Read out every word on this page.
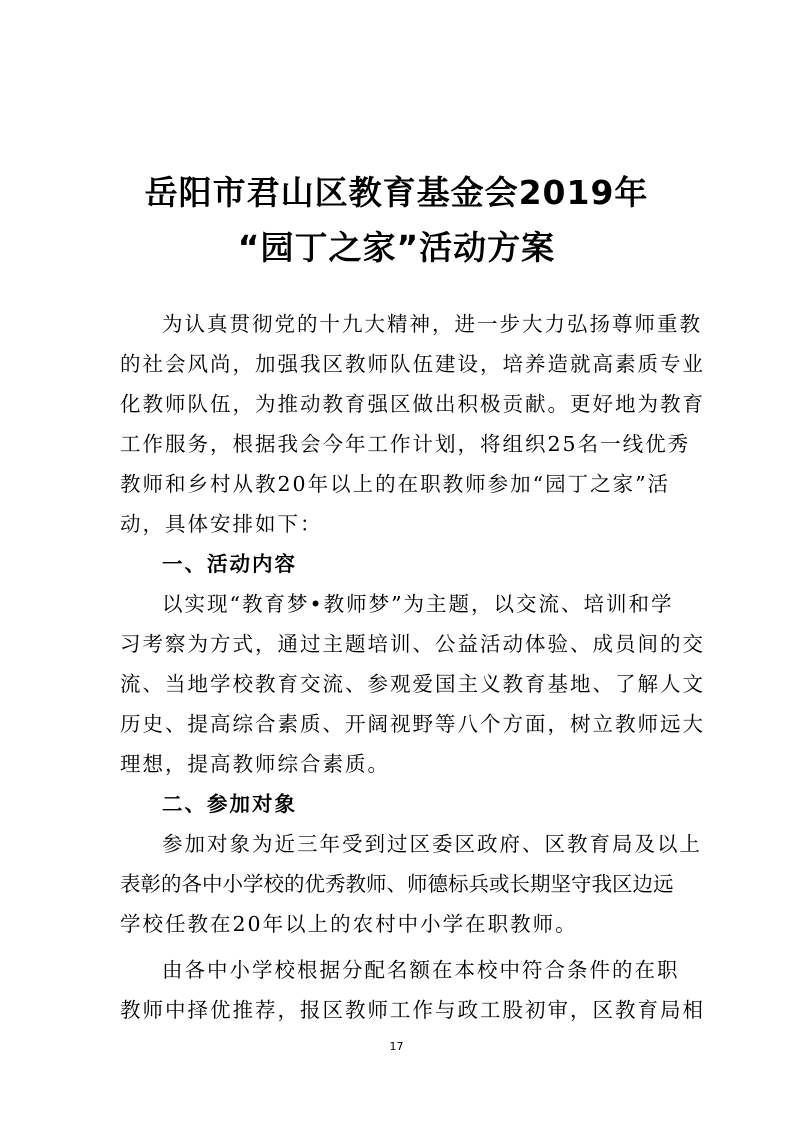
岳阳市君山区教育基金会2019年
“园丁之家”活动方案
为认真贯彻党的十九大精神，进一步大力弘扬尊师重教
的社会风尚，加强我区教师队伍建设，培养造就高素质专业
化教师队伍，为推动教育强区做出积极贡献。更好地为教育
工作服务，根据我会今年工作计划，将组织25名一线优秀
教师和乡村从教20年以上的在职教师参加“园丁之家”活
动，具体安排如下：
一、活动内容
以实现“教育梦•教师梦”为主题，以交流、培训和学
习考察为方式，通过主题培训、公益活动体验、成员间的交
流、当地学校教育交流、参观爱国主义教育基地、了解人文
历史、提高综合素质、开阔视野等八个方面，树立教师远大
理想，提高教师综合素质。
二、参加对象
参加对象为近三年受到过区委区政府、区教育局及以上
表彰的各中小学校的优秀教师、师德标兵或长期坚守我区边远
学校任教在20年以上的农村中小学在职教师。
由各中小学校根据分配名额在本校中符合条件的在职
教师中择优推荐，报区教师工作与政工股初审，区教育局相
17
